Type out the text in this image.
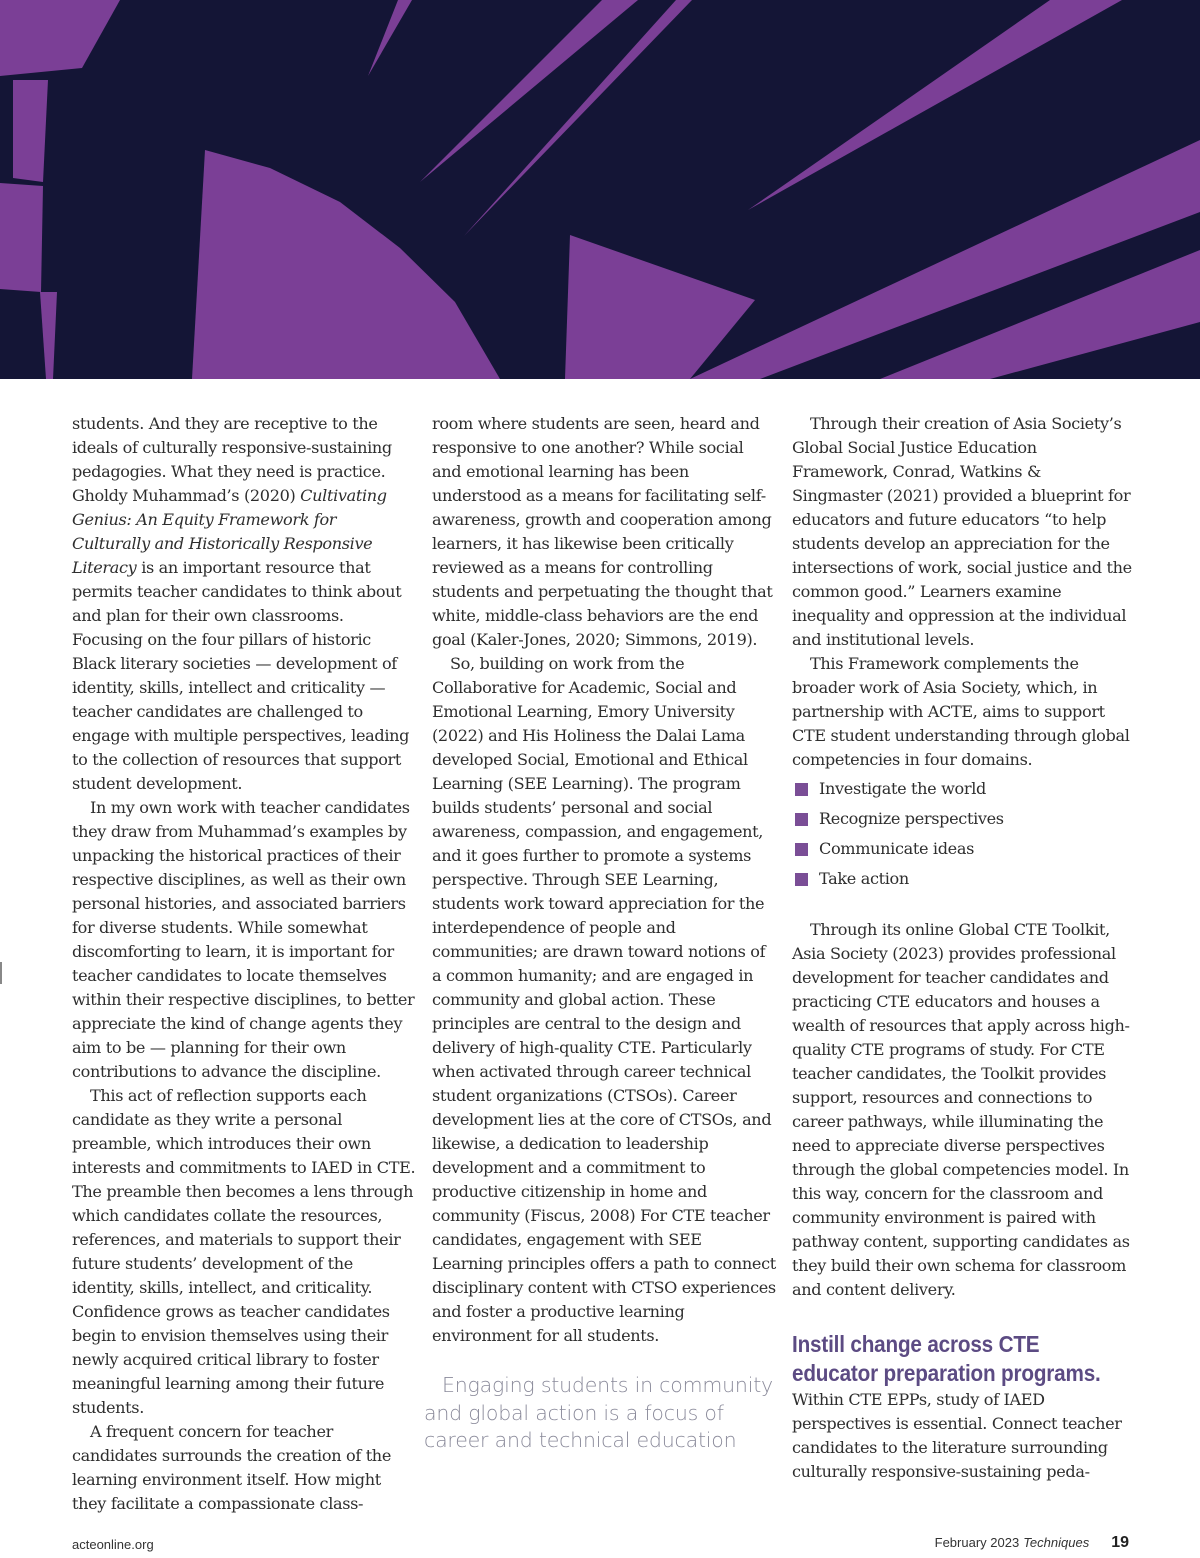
students. And they are receptive to the ideals of culturally responsive-sustaining pedagogies. What they need is practice. Gholdy Muhammad’s (2020) Cultivating Genius: An Equity Framework for Culturally and Historically Responsive Literacy is an important resource that permits teacher candidates to think about and plan for their own classrooms. Focusing on the four pillars of historic Black literary societies — development of identity, skills, intellect and criticality — teacher candidates are challenged to engage with multiple perspectives, leading to the collection of resources that support student development.

In my own work with teacher candidates they draw from Muhammad’s examples by unpacking the historical practices of their respective disciplines, as well as their own personal histories, and associated barriers for diverse students. While somewhat discomforting to learn, it is important for teacher candidates to locate themselves within their respective disciplines, to better appreciate the kind of change agents they aim to be — planning for their own contributions to advance the discipline.

This act of reflection supports each candidate as they write a personal preamble, which introduces their own interests and commitments to IAED in CTE. The preamble then becomes a lens through which candidates collate the resources, references, and materials to support their future students’ development of the identity, skills, intellect, and criticality. Confidence grows as teacher candidates begin to envision themselves using their newly acquired critical library to foster meaningful learning among their future students.

A frequent concern for teacher candidates surrounds the creation of the learning environment itself. How might they facilitate a compassionate class-

room where students are seen, heard and responsive to one another? While social and emotional learning has been understood as a means for facilitating self-awareness, growth and cooperation among learners, it has likewise been critically reviewed as a means for controlling students and perpetuating the thought that white, middle-class behaviors are the end goal (Kaler-Jones, 2020; Simmons, 2019).

So, building on work from the Collaborative for Academic, Social and Emotional Learning, Emory University (2022) and His Holiness the Dalai Lama developed Social, Emotional and Ethical Learning (SEE Learning). The program builds students’ personal and social awareness, compassion, and engagement, and it goes further to promote a systems perspective. Through SEE Learning, students work toward appreciation for the interdependence of people and communities; are drawn toward notions of a common humanity; and are engaged in community and global action. These principles are central to the design and delivery of high-quality CTE. Particularly when activated through career technical student organizations (CTSOs). Career development lies at the core of CTSOs, and likewise, a dedication to leadership development and a commitment to productive citizenship in home and community (Fiscus, 2008) For CTE teacher candidates, engagement with SEE Learning principles offers a path to connect disciplinary content with CTSO experiences and foster a productive learning environment for all students.

Engaging students in community
and global action is a focus of career and technical education

Through their creation of Asia Society’s Global Social Justice Education Framework, Conrad, Watkins & Singmaster (2021) provided a blueprint for educators and future educators “to help students develop an appreciation for the intersections of work, social justice and the common good.” Learners examine inequality and oppression at the individual and institutional levels.

This Framework complements the broader work of Asia Society, which, in partnership with ACTE, aims to support CTE student understanding through global competencies in four domains.

Investigate the world
Recognize perspectives
Communicate ideas
Take action

Through its online Global CTE Toolkit, Asia Society (2023) provides professional development for teacher candidates and practicing CTE educators and houses a wealth of resources that apply across high-quality CTE programs of study. For CTE teacher candidates, the Toolkit provides support, resources and connections to career pathways, while illuminating the need to appreciate diverse perspectives through the global competencies model. In this way, concern for the classroom and community environment is paired with pathway content, supporting candidates as they build their own schema for classroom and content delivery.

Instill change across CTE educator preparation programs.

Within CTE EPPs, study of IAED perspectives is essential. Connect teacher candidates to the literature surrounding culturally responsive-sustaining peda-

acteonline.org	February 2023 Techniques 19
